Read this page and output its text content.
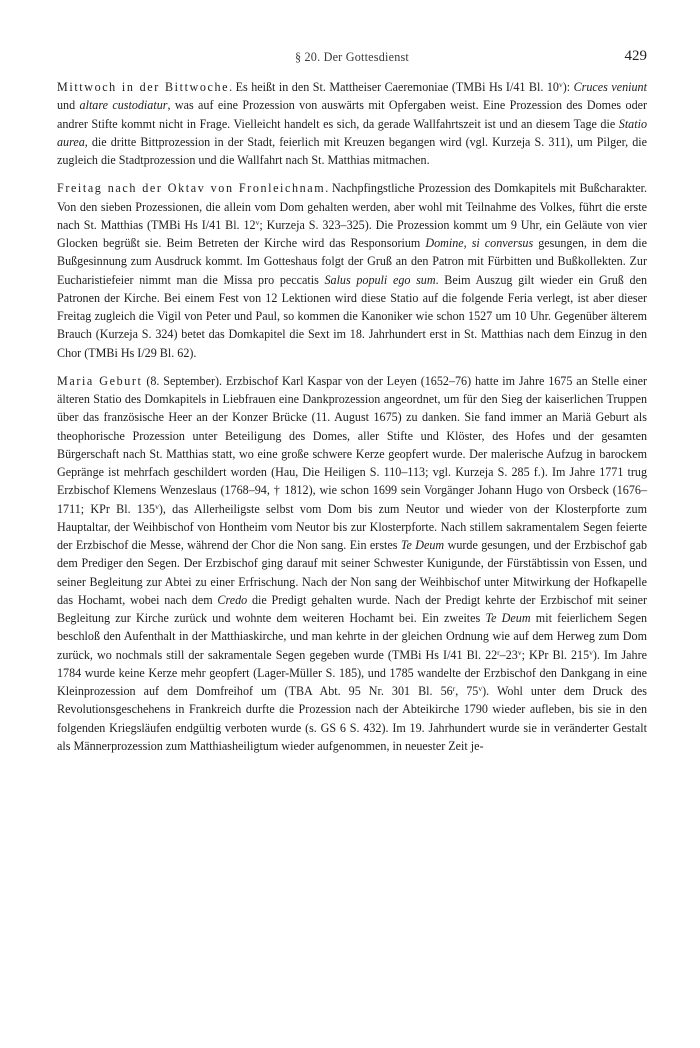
§ 20. Der Gottesdienst	429

Mittwoch in der Bittwoche. Es heißt in den St. Mattheiser Caeremoniae (TMBi Hs I/41 Bl. 10$^v$): Cruces veniunt und altare custodiatur, was auf eine Prozession von auswärts mit Opfergaben weist. Eine Prozession des Domes oder andrer Stifte kommt nicht in Frage. Vielleicht handelt es sich, da gerade Wallfahrtszeit ist und an diesem Tage die Statio aurea, die dritte Bittprozession in der Stadt, feierlich mit Kreuzen begangen wird (vgl. Kurzeja S. 311), um Pilger, die zugleich die Stadtprozession und die Wallfahrt nach St. Matthias mitmachen.

Freitag nach der Oktav von Fronleichnam. Nachpfingstliche Prozession des Domkapitels mit Bußcharakter. Von den sieben Prozessionen, die allein vom Dom gehalten werden, aber wohl mit Teilnahme des Volkes, führt die erste nach St. Matthias (TMBi Hs I/41 Bl. 12$^v$; Kurzeja S. 323–325). Die Prozession kommt um 9 Uhr, ein Geläute von vier Glocken begrüßt sie. Beim Betreten der Kirche wird das Responsorium Domine, si conversus gesungen, in dem die Bußgesinnung zum Ausdruck kommt. Im Gotteshaus folgt der Gruß an den Patron mit Fürbitten und Bußkollekten. Zur Eucharistiefeier nimmt man die Missa pro peccatis Salus populi ego sum. Beim Auszug gilt wieder ein Gruß den Patronen der Kirche. Bei einem Fest von 12 Lektionen wird diese Statio auf die folgende Feria verlegt, ist aber dieser Freitag zugleich die Vigil von Peter und Paul, so kommen die Kanoniker wie schon 1527 um 10 Uhr. Gegenüber älterem Brauch (Kurzeja S. 324) betet das Domkapitel die Sext im 18. Jahrhundert erst in St. Matthias nach dem Einzug in den Chor (TMBi Hs I/29 Bl. 62).

Maria Geburt (8. September). Erzbischof Karl Kaspar von der Leyen (1652–76) hatte im Jahre 1675 an Stelle einer älteren Statio des Domkapitels in Liebfrauen eine Dankprozession angeordnet, um für den Sieg der kaiserlichen Truppen über das französische Heer an der Konzer Brücke (11. August 1675) zu danken. Sie fand immer an Mariä Geburt als theophorische Prozession unter Beteiligung des Domes, aller Stifte und Klöster, des Hofes und der gesamten Bürgerschaft nach St. Matthias statt, wo eine große schwere Kerze geopfert wurde. Der malerische Aufzug in barockem Gepränge ist mehrfach geschildert worden (Hau, Die Heiligen S. 110–113; vgl. Kurzeja S. 285 f.). Im Jahre 1771 trug Erzbischof Klemens Wenzeslaus (1768–94, † 1812), wie schon 1699 sein Vorgänger Johann Hugo von Orsbeck (1676–1711; KPr Bl. 135$^v$), das Allerheiligste selbst vom Dom bis zum Neutor und wieder von der Klosterpforte zum Hauptaltar, der Weihbischof von Hontheim vom Neutor bis zur Klosterpforte. Nach stillem sakramentalem Segen feierte der Erzbischof die Messe, während der Chor die Non sang. Ein erstes Te Deum wurde gesungen, und der Erzbischof gab dem Prediger den Segen. Der Erzbischof ging darauf mit seiner Schwester Kunigunde, der Fürstäbtissin von Essen, und seiner Begleitung zur Abtei zu einer Erfrischung. Nach der Non sang der Weihbischof unter Mitwirkung der Hofkapelle das Hochamt, wobei nach dem Credo die Predigt gehalten wurde. Nach der Predigt kehrte der Erzbischof mit seiner Begleitung zur Kirche zurück und wohnte dem weiteren Hochamt bei. Ein zweites Te Deum mit feierlichem Segen beschloß den Aufenthalt in der Matthiaskirche, und man kehrte in der gleichen Ordnung wie auf dem Herweg zum Dom zurück, wo nochmals still der sakramentale Segen gegeben wurde (TMBi Hs I/41 Bl. 22$^r$–23$^v$; KPr Bl. 215$^v$). Im Jahre 1784 wurde keine Kerze mehr geopfert (Lager-Müller S. 185), und 1785 wandelte der Erzbischof den Dankgang in eine Kleinprozession auf dem Domfreihof um (TBA Abt. 95 Nr. 301 Bl. 56$^r$, 75$^v$). Wohl unter dem Druck des Revolutionsgeschehens in Frankreich durfte die Prozession nach der Abteikirche 1790 wieder aufleben, bis sie in den folgenden Kriegsläufen endgültig verboten wurde (s. GS 6 S. 432). Im 19. Jahrhundert wurde sie in veränderter Gestalt als Männerprozession zum Matthiasheiligtum wieder aufgenommen, in neuester Zeit je-
